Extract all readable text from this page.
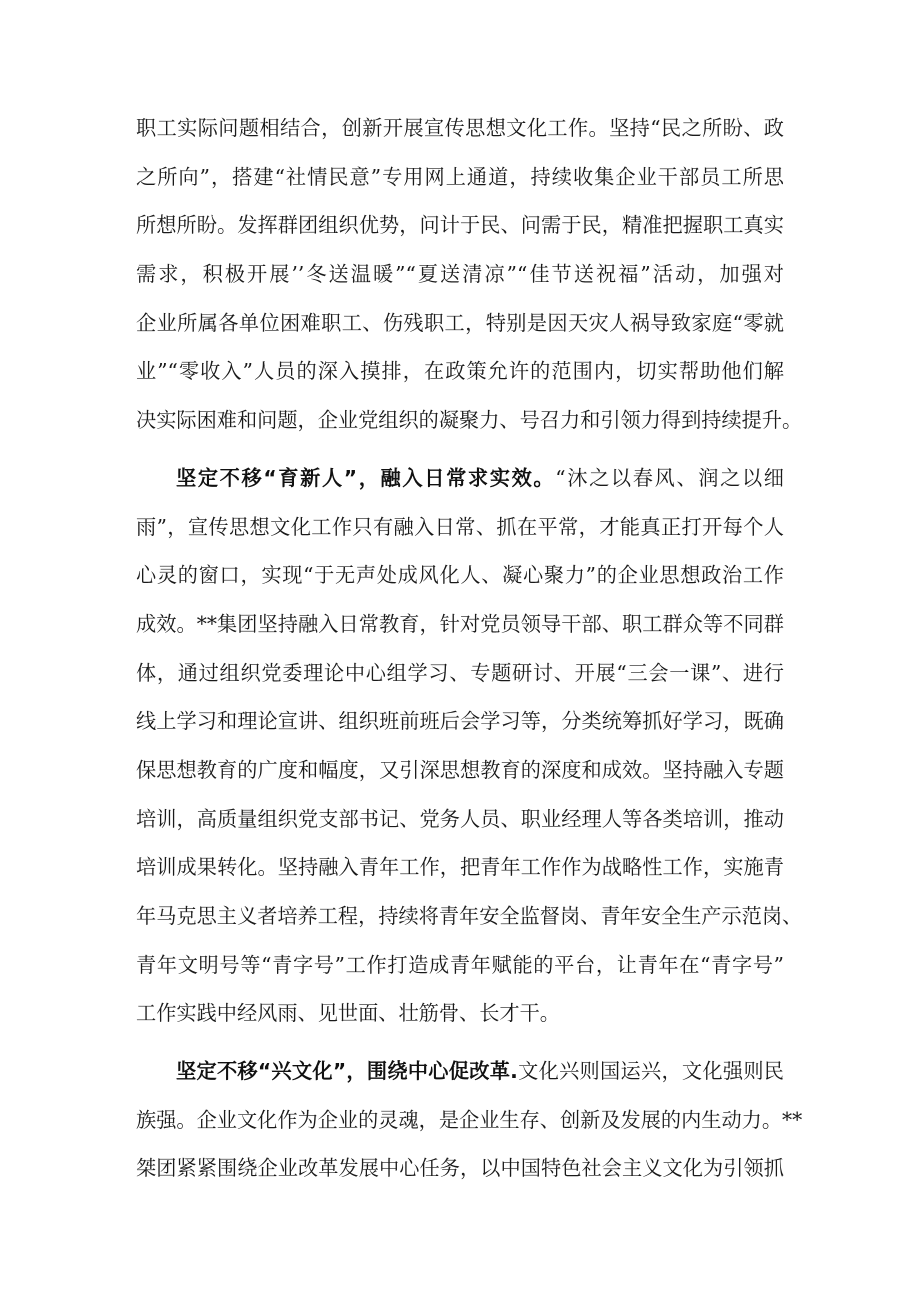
职工实际问题相结合，创新开展宣传思想文化工作。坚持“民之所盼、政
之所向”，搭建“社情民意”专用网上通道，持续收集企业干部员工所思
所想所盼。发挥群团组织优势，问计于民、问需于民，精准把握职工真实
需求，积极开展’’冬送温暖”“夏送清凉”“佳节送祝福”活动，加强对
企业所属各单位困难职工、伤残职工，特别是因天灾人祸导致家庭“零就
业”“零收入”人员的深入摸排，在政策允许的范围内，切实帮助他们解
决实际困难和问题，企业党组织的凝聚力、号召力和引领力得到持续提升。
坚定不移“育新人”，融入日常求实效。“沐之以春风、润之以细
雨”，宣传思想文化工作只有融入日常、抓在平常，才能真正打开每个人
心灵的窗口，实现“于无声处成风化人、凝心聚力”的企业思想政治工作
成效。**集团坚持融入日常教育，针对党员领导干部、职工群众等不同群
体，通过组织党委理论中心组学习、专题研讨、开展“三会一课”、进行
线上学习和理论宣讲、组织班前班后会学习等，分类统筹抓好学习，既确
保思想教育的广度和幅度，又引深思想教育的深度和成效。坚持融入专题
培训，高质量组织党支部书记、党务人员、职业经理人等各类培训，推动
培训成果转化。坚持融入青年工作，把青年工作作为战略性工作，实施青
年马克思主义者培养工程，持续将青年安全监督岗、青年安全生产示范岗、
青年文明号等“青字号”工作打造成青年赋能的平台，让青年在“青字号”
工作实践中经风雨、见世面、壮筋骨、长才干。
坚定不移“兴文化”，围绕中心促改革.文化兴则国运兴，文化强则民
族强。企业文化作为企业的灵魂，是企业生存、创新及发展的内生动力。**
桀团紧紧围绕企业改革发展中心任务，以中国特色社会主义文化为引领抓
